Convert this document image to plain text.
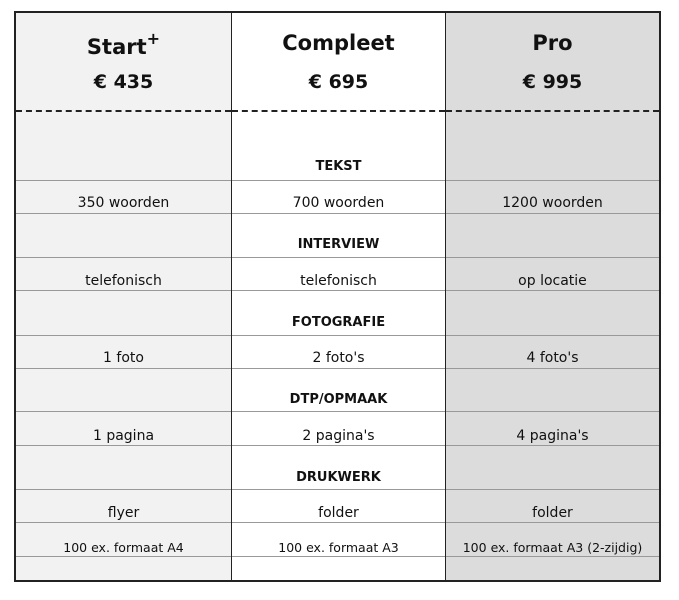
Start+
€ 435
350 woorden
telefonisch
1 foto
1 pagina
flyer
100 ex. formaat A4
Compleet
€ 695
TEKST
700 woorden
INTERVIEW
telefonisch
FOTOGRAFIE
2 foto's
DTP/OPMAAK
2 pagina's
DRUKWERK
folder
100 ex. formaat A3
Pro
€ 995
1200 woorden
op locatie
4 foto's
4 pagina's
folder
100 ex. formaat A3 (2-zijdig)
